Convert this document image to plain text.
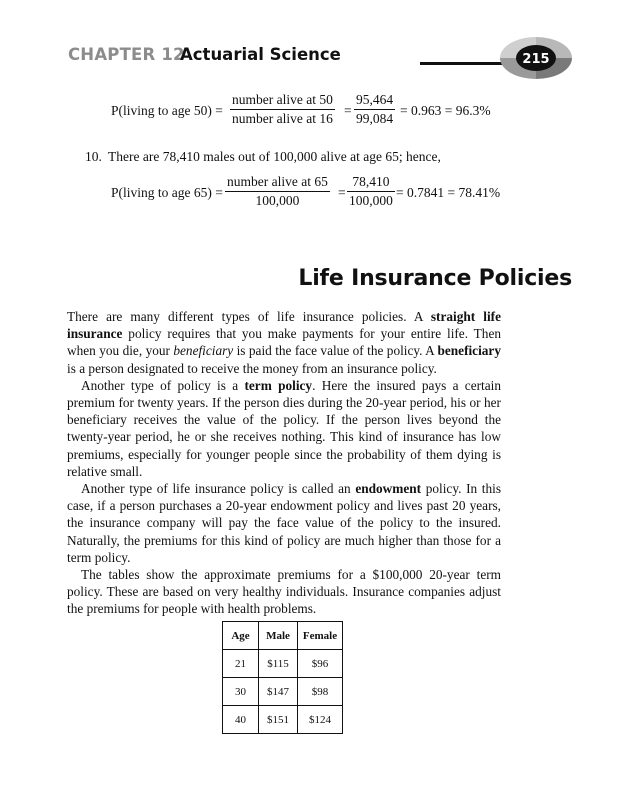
CHAPTER 12
Actuarial Science	215
P(living to age 50) =
number alive at 50
number alive at 16
= $\frac{95,464}{99,084} = 0.963 = 96.3\%$
10. There are 78,410 males out of 100,000 alive at age 65; hence,
P(living to age 65) =
number alive at 65
100,000
= $\frac{78,410}{100,000} = 0.7841 = 78.41\%$
Life Insurance Policies

There are many different types of life insurance policies. A straight life insurance policy requires that you make payments for your entire life. Then when you die, your beneficiary is paid the face value of the policy. A beneficiary is a person designated to receive the money from an insurance policy.

Another type of policy is a term policy. Here the insured pays a certain premium for twenty years. If the person dies during the 20-year period, his or her beneficiary receives the value of the policy. If the person lives beyond the twenty-year period, he or she receives nothing. This kind of insurance has low premiums, especially for younger people since the probability of them dying is relative small.

Another type of life insurance policy is called an endowment policy. In this case, if a person purchases a 20-year endowment policy and lives past 20 years, the insurance company will pay the face value of the policy to the insured. Naturally, the premiums for this kind of policy are much higher than those for a term policy.

The tables show the approximate premiums for a $100,000 20-year term policy. These are based on very healthy individuals. Insurance companies adjust the premiums for people with health problems.

Age	Male	Female
21	$115	$96
30	$147	$98
40	$151	$124
